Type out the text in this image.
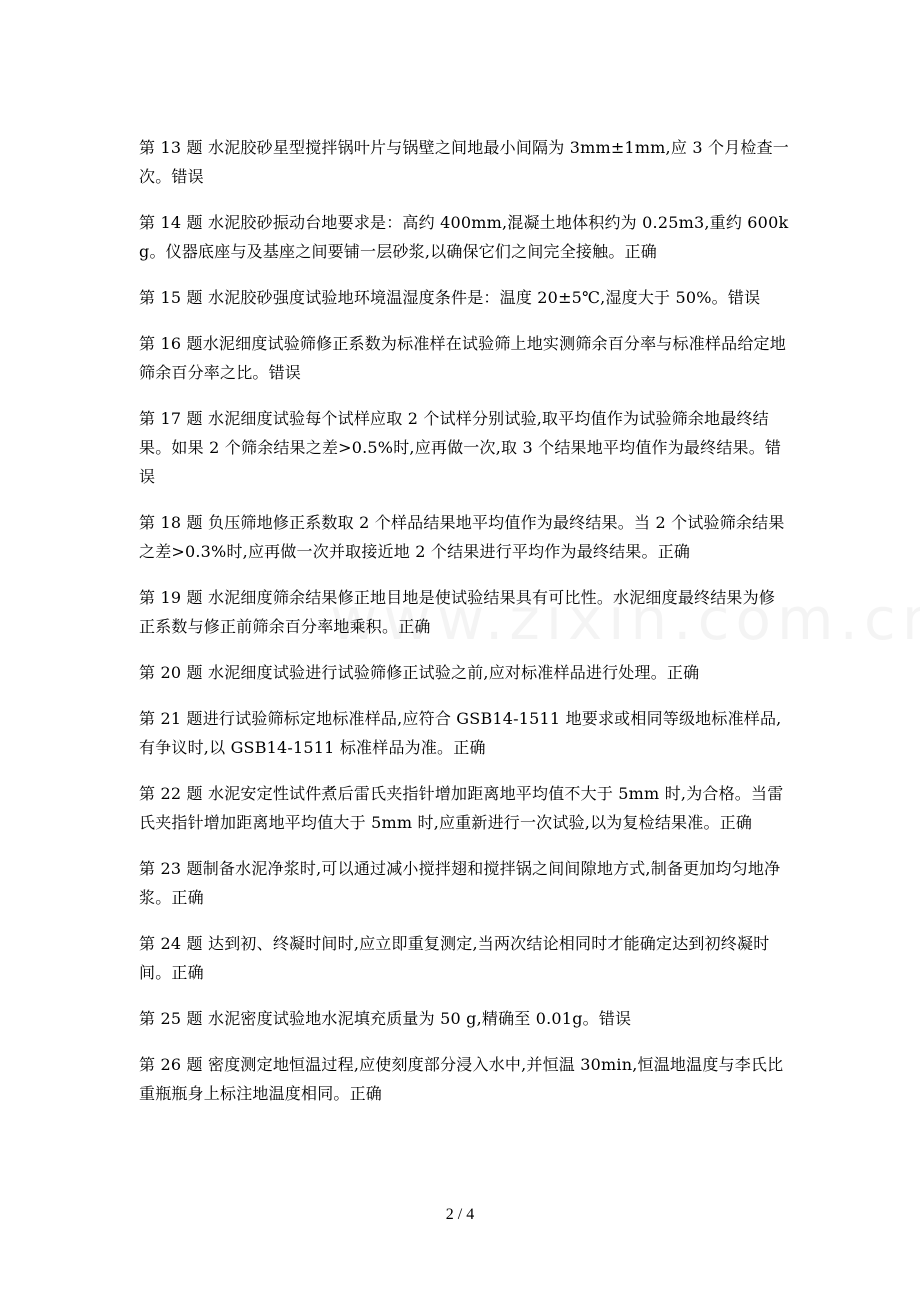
第 13 题 水泥胶砂星型搅拌锅叶片与锅壁之间地最小间隔为 3mm±1mm,应 3 个月检查一次。错误

第 14 题 水泥胶砂振动台地要求是：高约 400mm,混凝土地体积约为 0.25m3,重约 600kg。仪器底座与及基座之间要铺一层砂浆,以确保它们之间完全接触。正确

第 15 题 水泥胶砂强度试验地环境温湿度条件是：温度 20±5℃,湿度大于 50%。错误

第 16 题水泥细度试验筛修正系数为标准样在试验筛上地实测筛余百分率与标准样品给定地筛余百分率之比。错误

第 17 题 水泥细度试验每个试样应取 2 个试样分别试验,取平均值作为试验筛余地最终结果。如果 2 个筛余结果之差>0.5%时,应再做一次,取 3 个结果地平均值作为最终结果。错误

第 18 题 负压筛地修正系数取 2 个样品结果地平均值作为最终结果。当 2 个试验筛余结果之差>0.3%时,应再做一次并取接近地 2 个结果进行平均作为最终结果。正确

第 19 题 水泥细度筛余结果修正地目地是使试验结果具有可比性。水泥细度最终结果为修正系数与修正前筛余百分率地乘积。正确

第 20 题 水泥细度试验进行试验筛修正试验之前,应对标准样品进行处理。正确

第 21 题进行试验筛标定地标准样品,应符合 GSB14-1511 地要求或相同等级地标准样品,有争议时,以 GSB14-1511 标准样品为准。正确

第 22 题 水泥安定性试件煮后雷氏夹指针增加距离地平均值不大于 5mm 时,为合格。当雷氏夹指针增加距离地平均值大于 5mm 时,应重新进行一次试验,以为复检结果准。正确

第 23 题制备水泥净浆时,可以通过减小搅拌翅和搅拌锅之间间隙地方式,制备更加均匀地净浆。正确

第 24 题 达到初、终凝时间时,应立即重复测定,当两次结论相同时才能确定达到初终凝时间。正确

第 25 题 水泥密度试验地水泥填充质量为 50 g,精确至 0.01g。错误

第 26 题 密度测定地恒温过程,应使刻度部分浸入水中,并恒温 30min,恒温地温度与李氏比重瓶瓶身上标注地温度相同。正确

2 / 4
